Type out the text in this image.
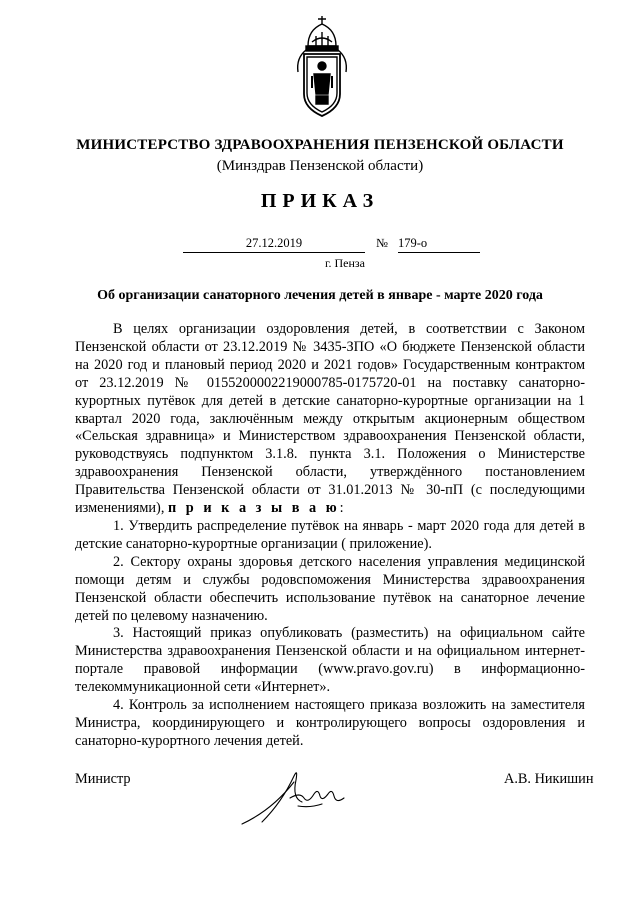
МИНИСТЕРСТВО ЗДРАВООХРАНЕНИЯ ПЕНЗЕНСКОЙ ОБЛАСТИ
(Минздрав Пензенской области)
ПРИКАЗ
27.12.2019	№ 179-о
г. Пенза
Об организации санаторного лечения детей в январе - марте 2020 года

В целях организации оздоровления детей, в соответствии с Законом Пензенской области от 23.12.2019 № 3435-ЗПО «О бюджете Пензенской области на 2020 год и плановый период 2020 и 2021 годов» Государственным контрактом от 23.12.2019 № 0155200002219000785-0175720-01 на поставку санаторно-курортных путёвок для детей в детские санаторно-курортные организации на 1 квартал 2020 года, заключённым между открытым акционерным обществом «Сельская здравница» и Министерством здравоохранения Пензенской области, руководствуясь подпунктом 3.1.8. пункта 3.1. Положения о Министерстве здравоохранения Пензенской области, утверждённого постановлением Правительства Пензенской области от 31.01.2013 № 30-пП (с последующими изменениями), п р и к а з ы в а ю:

1. Утвердить распределение путёвок на январь - март 2020 года для детей в детские санаторно-курортные организации ( приложение).

2. Сектору охраны здоровья детского населения управления медицинской помощи детям и службы родовспоможения Министерства здравоохранения Пензенской области обеспечить использование путёвок на санаторное лечение детей по целевому назначению.

3. Настоящий приказ опубликовать (разместить) на официальном сайте Министерства здравоохранения Пензенской области и на официальном интернет-портале правовой информации (www.pravo.gov.ru) в информационно-телекоммуникационной сети «Интернет».

4. Контроль за исполнением настоящего приказа возложить на заместителя Министра, координирующего и контролирующего вопросы оздоровления и санаторно-курортного лечения детей.

Министр	А.В. Никишин
